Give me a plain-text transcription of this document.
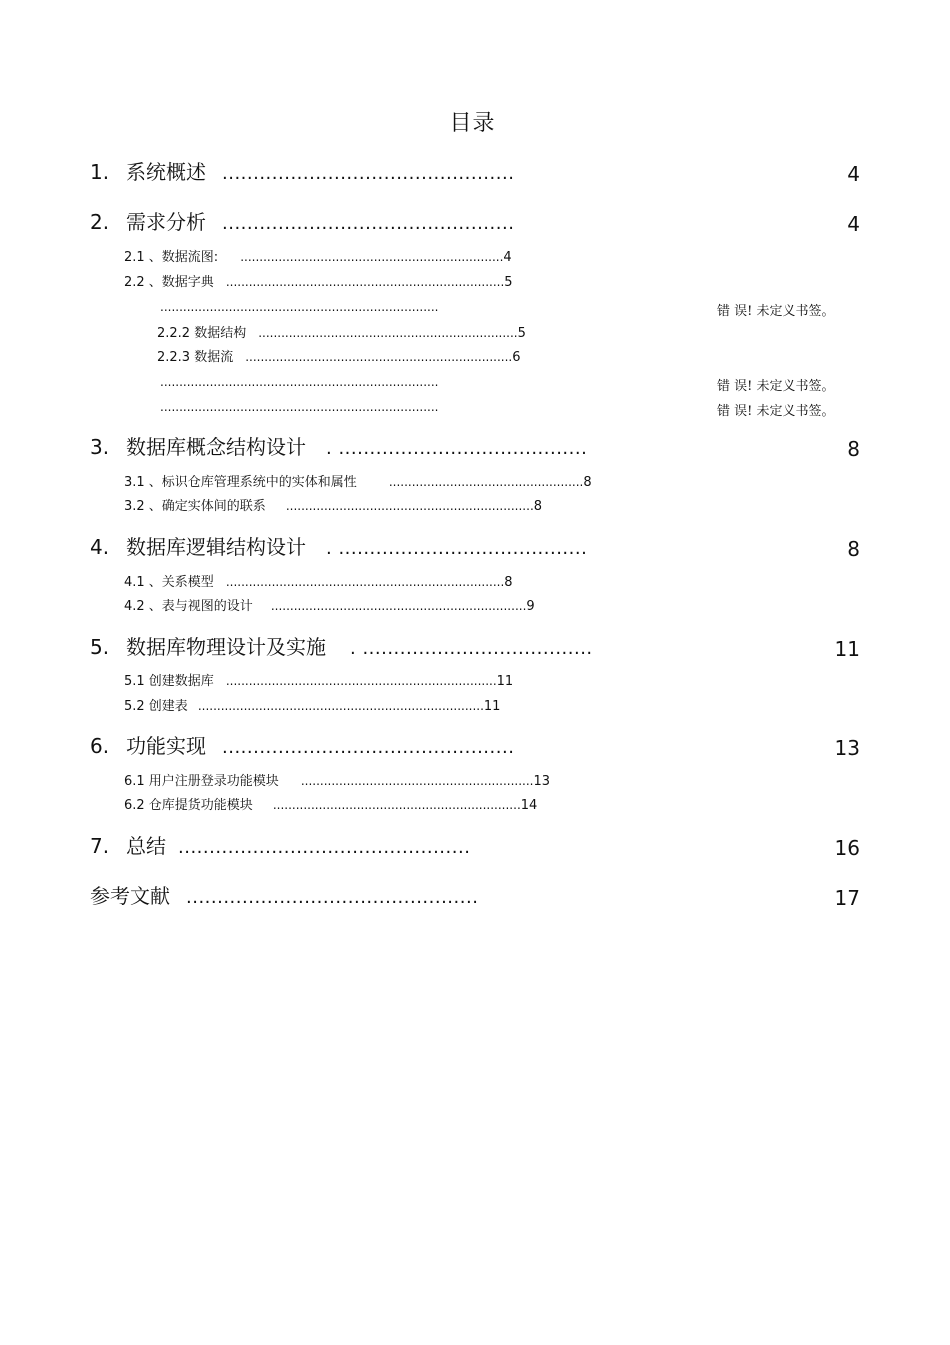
目录
1. 系统概述 ...............................................	4
2. 需求分析 ...............................................	4
2.1 、数据流图: .....................................................................4
2.2 、数据字典 .........................................................................5
.........................................................................	错 误! 未定义书签。
2.2.2 数据结构 ....................................................................5
2.2.3 数据流 ......................................................................6
.........................................................................	错 误! 未定义书签。
.........................................................................	错 误! 未定义书签。
3. 数据库概念结构设计 . ........................................	8
3.1 、标识仓库管理系统中的实体和属性	...................................................8
3.2 、确定实体间的联系 .................................................................8
4. 数据库逻辑结构设计 . ........................................	8
4.1 、关系模型 .........................................................................8
4.2 、表与视图的设计 ...................................................................9
5. 数据库物理设计及实施 . .....................................	11
5.1 创建数据库 .......................................................................11
5.2 创建表 ...........................................................................11
6. 功能实现 ...............................................	13
6.1 用户注册登录功能模块 .............................................................13
6.2 仓库提货功能模块 .................................................................14
7. 总结 ...............................................	16
参考文献 ...............................................	17
